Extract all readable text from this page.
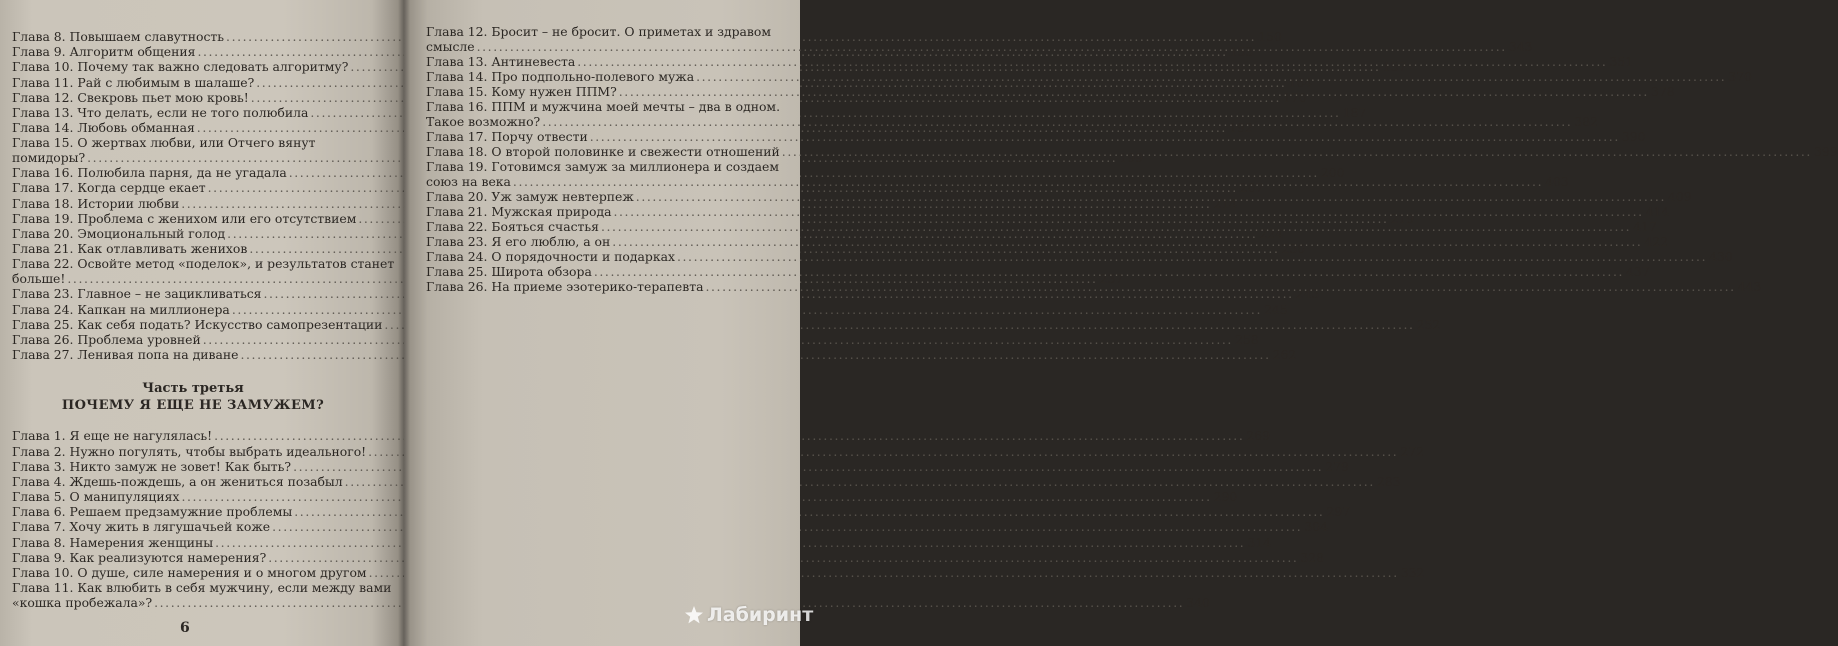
Глава 8. Повышаем славутность .....	150
Глава 9. Алгоритм общения .....	153
Глава 10. Почему так важно следовать алгоритму? .....	157
Глава 11. Рай с любимым в шалаше? .....	164
Глава 12. Свекровь пьет мою кровь! .....	170
Глава 13. Что делать, если не того полюбила .....	187
Глава 14. Любовь обманная .....	192
Глава 15. О жертвах любви, или Отчего вянут
помидоры? .....	199
Глава 16. Полюбила парня, да не угадала .....	200
Глава 17. Когда сердце екает .....	207
Глава 18. Истории любви .....	214
Глава 19. Проблема с женихом или его отсутствием .....	219
Глава 20. Эмоциональный голод .....	224
Глава 21. Как отлавливать женихов .....	230
Глава 22. Освойте метод «поделок», и результатов станет
больше! .....	237
Глава 23. Главное – не зацикливаться .....	243
Глава 24. Капкан на миллионера .....	245
Глава 25. Как себя подать? Искусство самопрезентации .....	252
Глава 26. Проблема уровней .....	258
Глава 27. Ленивая попа на диване .....	262
Часть третья
ПОЧЕМУ Я ЕЩЕ НЕ ЗАМУЖЕМ?
Глава 1. Я еще не нагулялась! .....	269
Глава 2. Нужно погулять, чтобы выбрать идеального! .....	272
Глава 3. Никто замуж не зовет! Как быть? .....	279
Глава 4. Ждешь-пождешь, а он жениться позабыл .....	283
Глава 5. О манипуляциях .....	290
Глава 6. Решаем предзамужние проблемы .....	297
Глава 7. Хочу жить в лягушачьей коже .....	304
Глава 8. Намерения женщины .....	314
Глава 9. Как реализуются намерения? .....	328
Глава 10. О душе, силе намерения и о многом другом .....	332
Глава 11. Как влюбить в себя мужчину, если между вами
«кошка пробежала»? .....	340
6
Глава 12. Бросит – не бросит. О приметах и здравом
смысле .....	343
Глава 13. Антиневеста .....	351
Глава 14. Про подпольно-полевого мужа .....	370
Глава 15. Кому нужен ППМ? .....	378
Глава 16. ППМ и мужчина моей мечты – два в одном.
Такое возможно? .....	382
Глава 17. Порчу отвести .....	390
Глава 18. О второй половинке и свежести отношений .....	399
Глава 19. Готовимся замуж за миллионера и создаем
союз на века .....	403
Глава 20. Уж замуж невтерпеж .....	409
Глава 21. Мужская природа .....	414
Глава 22. Бояться счастья .....	417
Глава 23. Я его люблю, а он .....	422
Глава 24. О порядочности и подарках .....	430
Глава 25. Широта обзора .....	437
Глава 26. На приеме эзотерико-терапевта .....	443
Лабиринт
